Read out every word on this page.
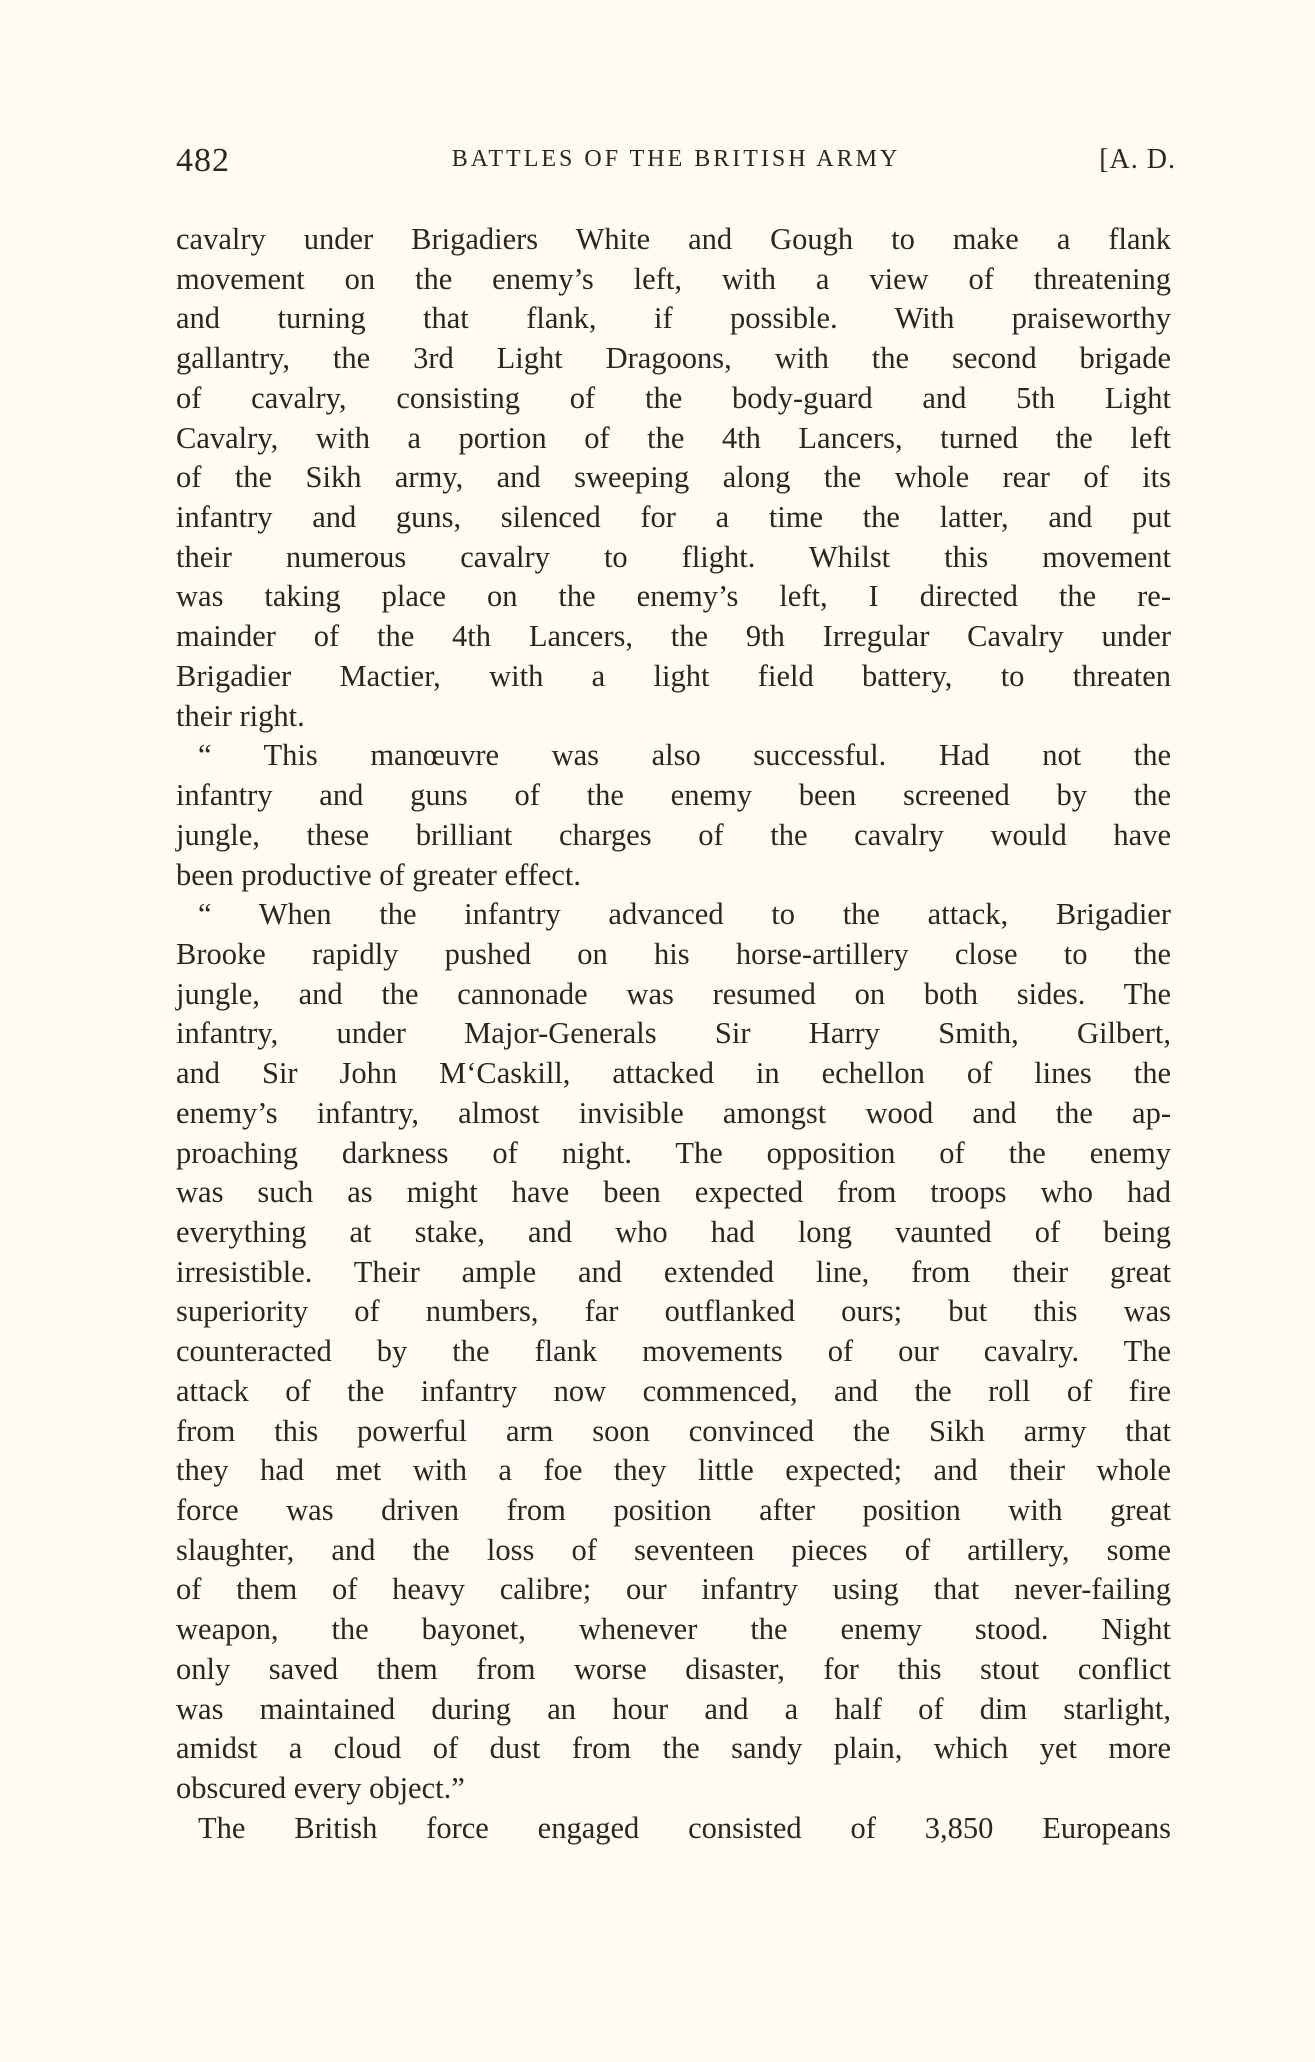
482	BATTLES OF THE BRITISH ARMY	[A. D.
cavalry under Brigadiers White and Gough to make a flank
movement on the enemy’s left, with a view of threatening
and turning that flank, if possible. With praiseworthy
gallantry, the 3rd Light Dragoons, with the second brigade
of cavalry, consisting of the body-guard and 5th Light
Cavalry, with a portion of the 4th Lancers, turned the left
of the Sikh army, and sweeping along the whole rear of its
infantry and guns, silenced for a time the latter, and put
their numerous cavalry to flight. Whilst this movement
was taking place on the enemy’s left, I directed the re-
mainder of the 4th Lancers, the 9th Irregular Cavalry under
Brigadier Mactier, with a light field battery, to threaten
their right.
“ This manœuvre was also successful. Had not the
infantry and guns of the enemy been screened by the
jungle, these brilliant charges of the cavalry would have
been productive of greater effect.
“ When the infantry advanced to the attack, Brigadier
Brooke rapidly pushed on his horse-artillery close to the
jungle, and the cannonade was resumed on both sides. The
infantry, under Major-Generals Sir Harry Smith, Gilbert,
and Sir John M‘Caskill, attacked in echellon of lines the
enemy’s infantry, almost invisible amongst wood and the ap-
proaching darkness of night. The opposition of the enemy
was such as might have been expected from troops who had
everything at stake, and who had long vaunted of being
irresistible. Their ample and extended line, from their great
superiority of numbers, far outflanked ours; but this was
counteracted by the flank movements of our cavalry. The
attack of the infantry now commenced, and the roll of fire
from this powerful arm soon convinced the Sikh army that
they had met with a foe they little expected; and their whole
force was driven from position after position with great
slaughter, and the loss of seventeen pieces of artillery, some
of them of heavy calibre; our infantry using that never-failing
weapon, the bayonet, whenever the enemy stood. Night
only saved them from worse disaster, for this stout conflict
was maintained during an hour and a half of dim starlight,
amidst a cloud of dust from the sandy plain, which yet more
obscured every object.”
The British force engaged consisted of 3,850 Europeans
